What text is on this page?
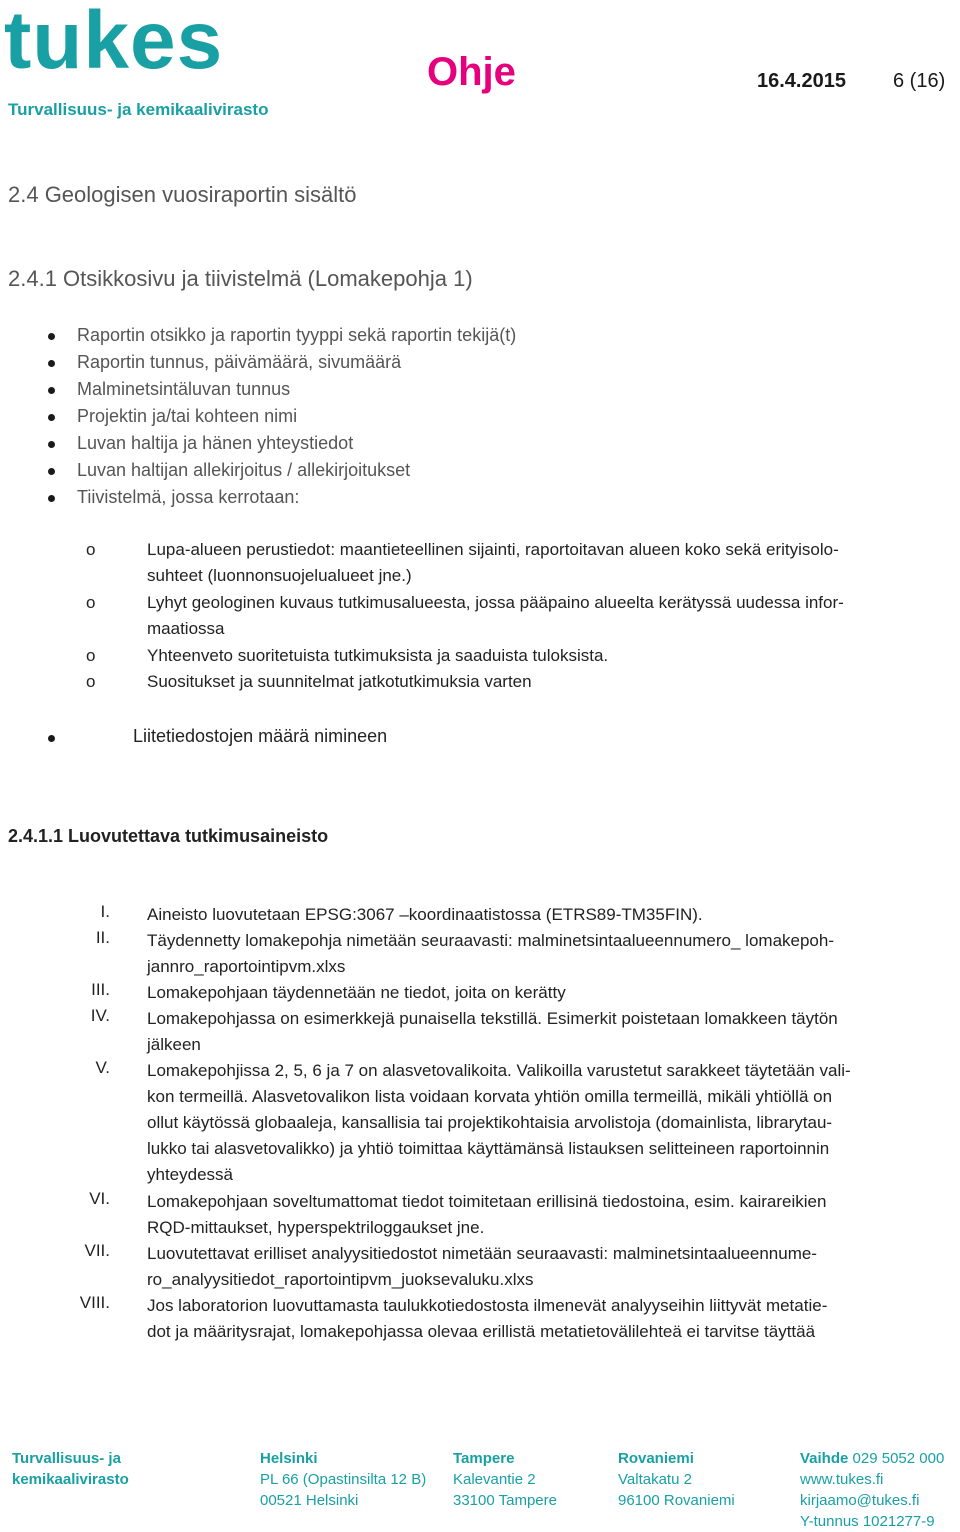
tukes
Turvallisuus- ja kemikaalivirasto
Ohje	16.4.2015 6 (16)
2.4 Geologisen vuosiraportin sisältö
2.4.1 Otsikkosivu ja tiivistelmä (Lomakepohja 1)
Raportin otsikko ja raportin tyyppi sekä raportin tekijä(t)
Raportin tunnus, päivämäärä, sivumäärä
Malminetsintäluvan tunnus
Projektin ja/tai kohteen nimi
Luvan haltija ja hänen yhteystiedot
Luvan haltijan allekirjoitus / allekirjoitukset
Tiivistelmä, jossa kerrotaan:
o	Lupa-alueen perustiedot: maantieteellinen sijainti, raportoitavan alueen koko sekä erityisolo-
suhteet (luonnonsuojelualueet jne.)
o	Lyhyt geologinen kuvaus tutkimusalueesta, jossa pääpaino alueelta kerätyssä uudessa infor-
maatiossa
o	Yhteenveto suoritetuista tutkimuksista ja saaduista tuloksista.
o	Suositukset ja suunnitelmat jatkotutkimuksia varten
Liitetiedostojen määrä nimineen
2.4.1.1 Luovutettava tutkimusaineisto
I. Aineisto luovutetaan EPSG:3067 –koordinaatistossa (ETRS89-TM35FIN).
II. Täydennetty lomakepohja nimetään seuraavasti: malminetsintaalueennumero_ lomakepoh-
jannro_raportointipvm.xlxs
III. Lomakepohjaan täydennetään ne tiedot, joita on kerätty
IV. Lomakepohjassa on esimerkkejä punaisella tekstillä. Esimerkit poistetaan lomakkeen täytön
jälkeen
V. Lomakepohjissa 2, 5, 6 ja 7 on alasvetovalikoita. Valikoilla varustetut sarakkeet täytetään vali-
kon termeillä. Alasvetovalikon lista voidaan korvata yhtiön omilla termeillä, mikäli yhtiöllä on
ollut käytössä globaaleja, kansallisia tai projektikohtaisia arvolistoja (domainlista, librarytau-
lukko tai alasvetovalikko) ja yhtiö toimittaa käyttämänsä listauksen selitteineen raportoinnin
yhteydessä
VI. Lomakepohjaan soveltumattomat tiedot toimitetaan erillisinä tiedostoina, esim. kairareikien
RQD-mittaukset, hyperspektriloggaukset jne.
VII. Luovutettavat erilliset analyysitiedostot nimetään seuraavasti: malminetsintaalueennume-
ro_analyysitiedot_raportointipvm_juoksevaluku.xlxs
VIII. Jos laboratorion luovuttamasta taulukkotiedostosta ilmenevät analyyseihin liittyvät metatie-
dot ja määritysrajat, lomakepohjassa olevaa erillistä metatietovälilehteä ei tarvitse täyttää
Turvallisuus- ja
kemikaalivirasto
Helsinki
PL 66 (Opastinsilta 12 B)
00521 Helsinki
Tampere
Kalevantie 2
33100 Tampere
Rovaniemi
Valtakatu 2
96100 Rovaniemi
Vaihde 029 5052 000
www.tukes.fi
kirjaamo@tukes.fi
Y-tunnus 1021277-9
